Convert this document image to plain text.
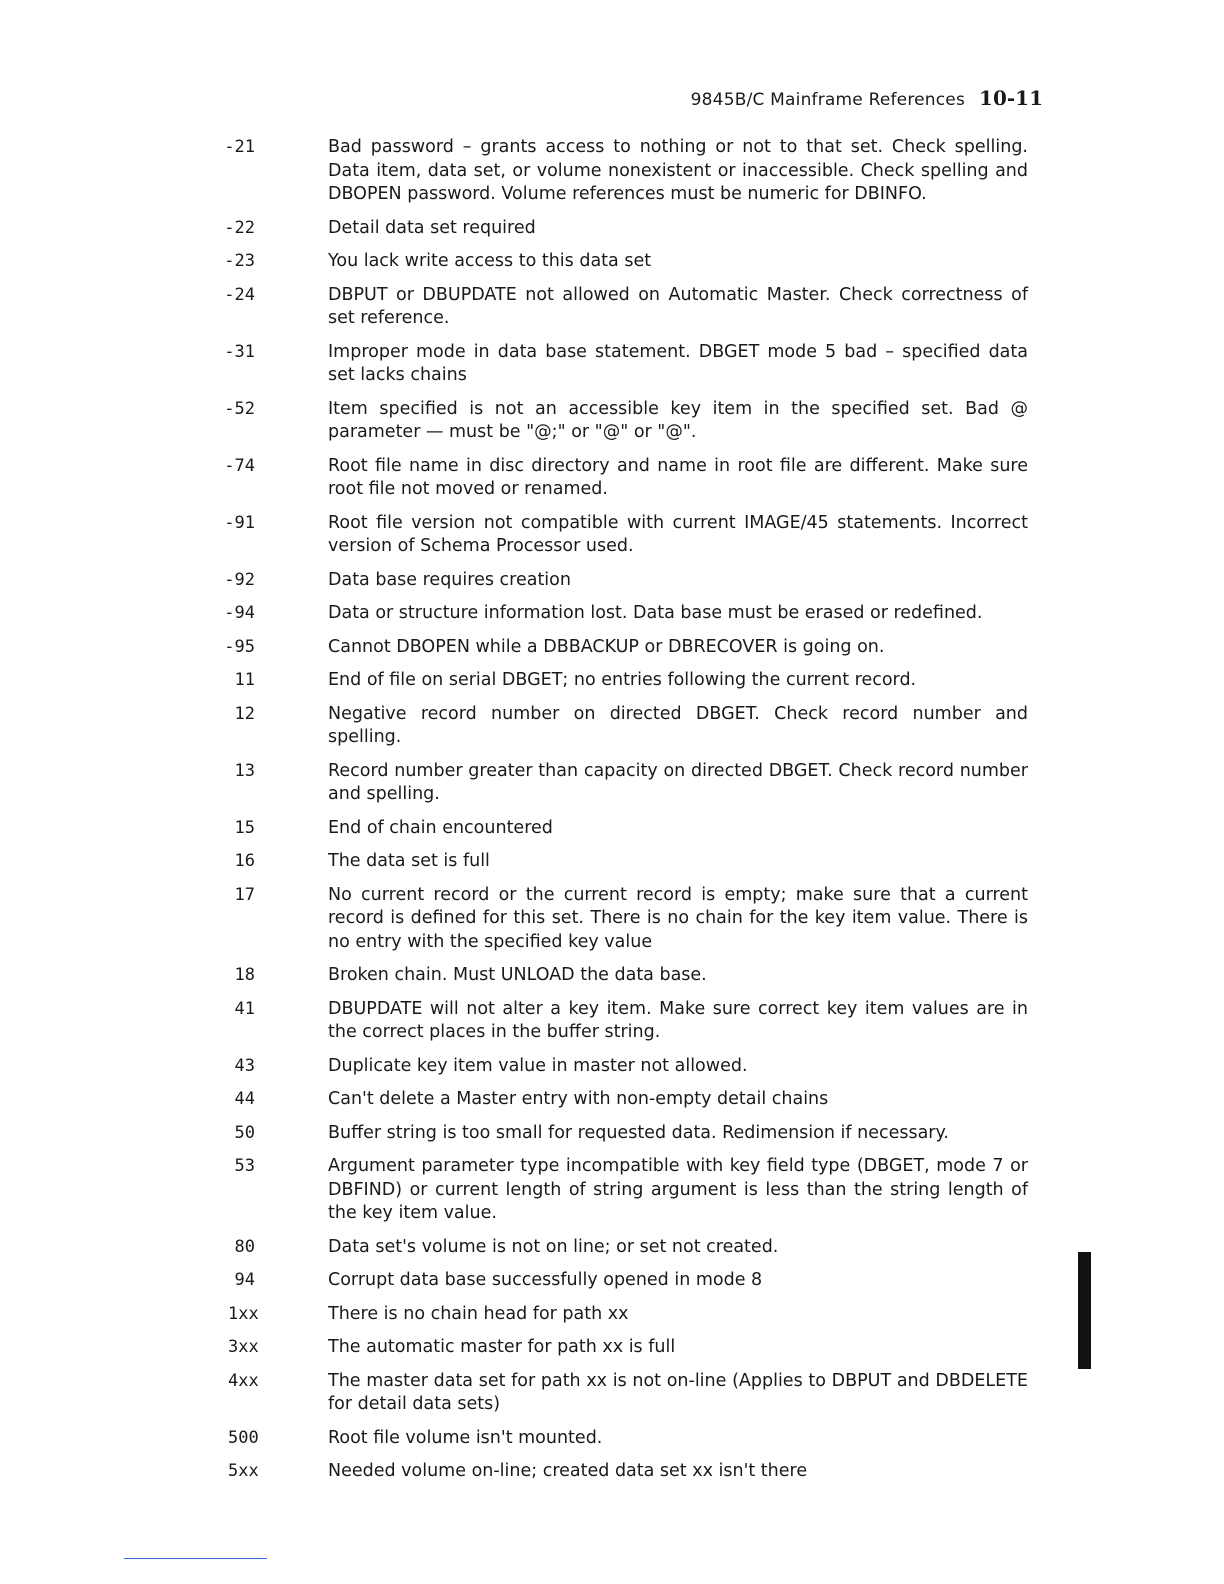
9845B/C Mainframe References 10-11
-21	Bad password – grants access to nothing or not to that set. Check spelling. Data item, data set, or volume nonexistent or inaccessible. Check spelling and DBOPEN password. Volume references must be numeric for DBINFO.
-22	Detail data set required
-23	You lack write access to this data set
-24	DBPUT or DBUPDATE not allowed on Automatic Master. Check correctness of set reference.
-31	Improper mode in data base statement. DBGET mode 5 bad – specified data set lacks chains
-52	Item specified is not an accessible key item in the specified set. Bad @ parameter — must be "@;" or "@" or "@".
-74	Root file name in disc directory and name in root file are different. Make sure root file not moved or renamed.
-91	Root file version not compatible with current IMAGE/45 statements. Incorrect version of Schema Processor used.
-92	Data base requires creation
-94	Data or structure information lost. Data base must be erased or redefined.
-95	Cannot DBOPEN while a DBBACKUP or DBRECOVER is going on.
11	End of file on serial DBGET; no entries following the current record.
12	Negative record number on directed DBGET. Check record number and spelling.
13	Record number greater than capacity on directed DBGET. Check record number and spelling.
15	End of chain encountered
16	The data set is full
17	No current record or the current record is empty; make sure that a current record is defined for this set. There is no chain for the key item value. There is no entry with the specified key value
18	Broken chain. Must UNLOAD the data base.
41	DBUPDATE will not alter a key item. Make sure correct key item values are in the correct places in the buffer string.
43	Duplicate key item value in master not allowed.
44	Can't delete a Master entry with non-empty detail chains
50	Buffer string is too small for requested data. Redimension if necessary.
53	Argument parameter type incompatible with key field type (DBGET, mode 7 or DBFIND) or current length of string argument is less than the string length of the key item value.
80	Data set's volume is not on line; or set not created.
94	Corrupt data base successfully opened in mode 8
1xx	There is no chain head for path xx
3xx	The automatic master for path xx is full
4xx	The master data set for path xx is not on-line (Applies to DBPUT and DBDELETE for detail data sets)
500	Root file volume isn't mounted.
5xx	Needed volume on-line; created data set xx isn't there
